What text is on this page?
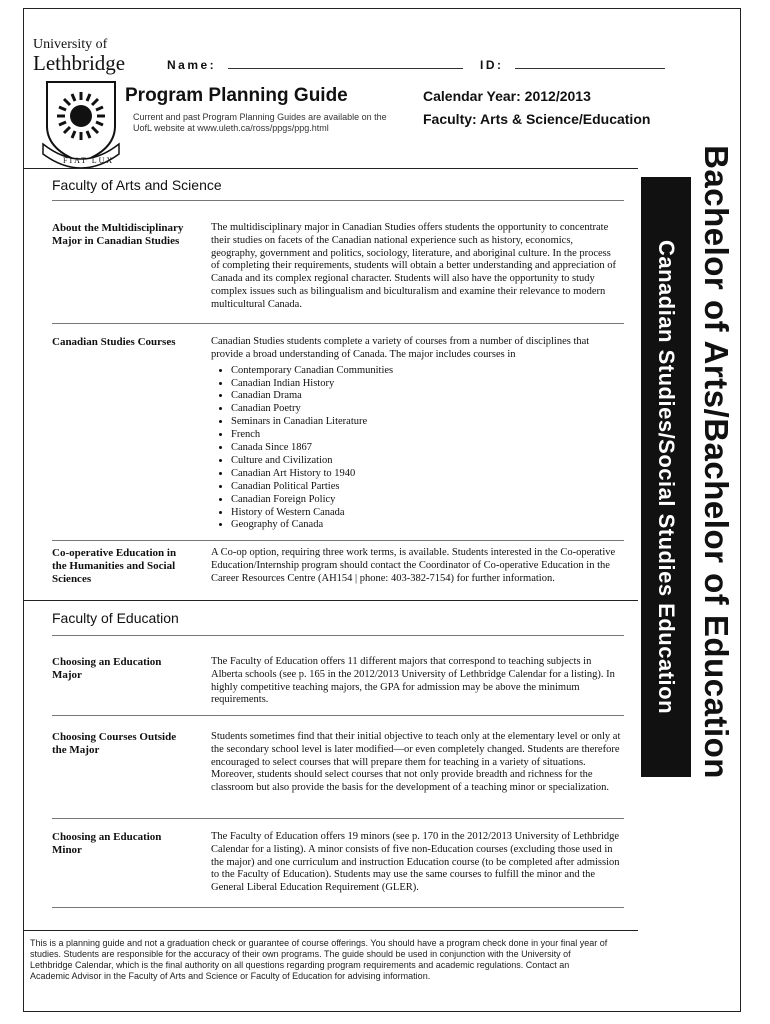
University of
Lethbridge
FIAT LUX
Name:	ID:
Program Planning Guide
Current and past Program Planning Guides are available on the UofL website at www.uleth.ca/ross/ppgs/ppg.html
Calendar Year: 2012/2013
Faculty: Arts & Science/Education
Canadian Studies/Social Studies Education Bachelor of Arts/Bachelor of Education
Faculty of Arts and Science
About the Multidisciplinary Major in Canadian Studies
The multidisciplinary major in Canadian Studies offers students the opportunity to concentrate their studies on facets of the Canadian national experience such as history, economics, geography, government and politics, sociology, literature, and aboriginal culture. In the process of completing their requirements, students will obtain a better understanding and appreciation of Canada and its complex regional character. Students will also have the opportunity to study complex issues such as bilingualism and biculturalism and examine their relevance to modern multicultural Canada.
Canadian Studies Courses	Canadian Studies students complete a variety of courses from a number of disciplines that provide a broad understanding of Canada. The major includes courses in
• Contemporary Canadian Communities
• Canadian Indian History
• Canadian Drama
• Canadian Poetry
• Seminars in Canadian Literature
• French
• Canada Since 1867
• Culture and Civilization
• Canadian Art History to 1940
• Canadian Political Parties
• Canadian Foreign Policy
• History of Western Canada
• Geography of Canada
Co-operative Education in the Humanities and Social Sciences
A Co-op option, requiring three work terms, is available. Students interested in the Co-operative Education/Internship program should contact the Coordinator of Co-operative Education in the Career Resources Centre (AH154 | phone: 403-382-7154) for further information.
Faculty of Education
Choosing an Education Major
The Faculty of Education offers 11 different majors that correspond to teaching subjects in Alberta schools (see p. 165 in the 2012/2013 University of Lethbridge Calendar for a listing). In highly competitive teaching majors, the GPA for admission may be above the minimum requirements.
Choosing Courses Outside the Major
Students sometimes find that their initial objective to teach only at the elementary level or only at the secondary school level is later modified—or even completely changed. Students are therefore encouraged to select courses that will prepare them for teaching in a variety of situations. Moreover, students should select courses that not only provide breadth and richness for the classroom but also provide the basis for the development of a teaching minor or specialization.
Choosing an Education Minor
The Faculty of Education offers 19 minors (see p. 170 in the 2012/2013 University of Lethbridge Calendar for a listing). A minor consists of five non-Education courses (excluding those used in the major) and one curriculum and instruction Education course (to be completed after admission to the Faculty of Education). Students may use the same courses to fulfill the minor and the General Liberal Education Requirement (GLER).
This is a planning guide and not a graduation check or guarantee of course offerings. You should have a program check done in your final year of studies. Students are responsible for the accuracy of their own programs. The guide should be used in conjunction with the University of Lethbridge Calendar, which is the final authority on all questions regarding program requirements and academic regulations. Contact an Academic Advisor in the Faculty of Arts and Science or Faculty of Education for advising information.
